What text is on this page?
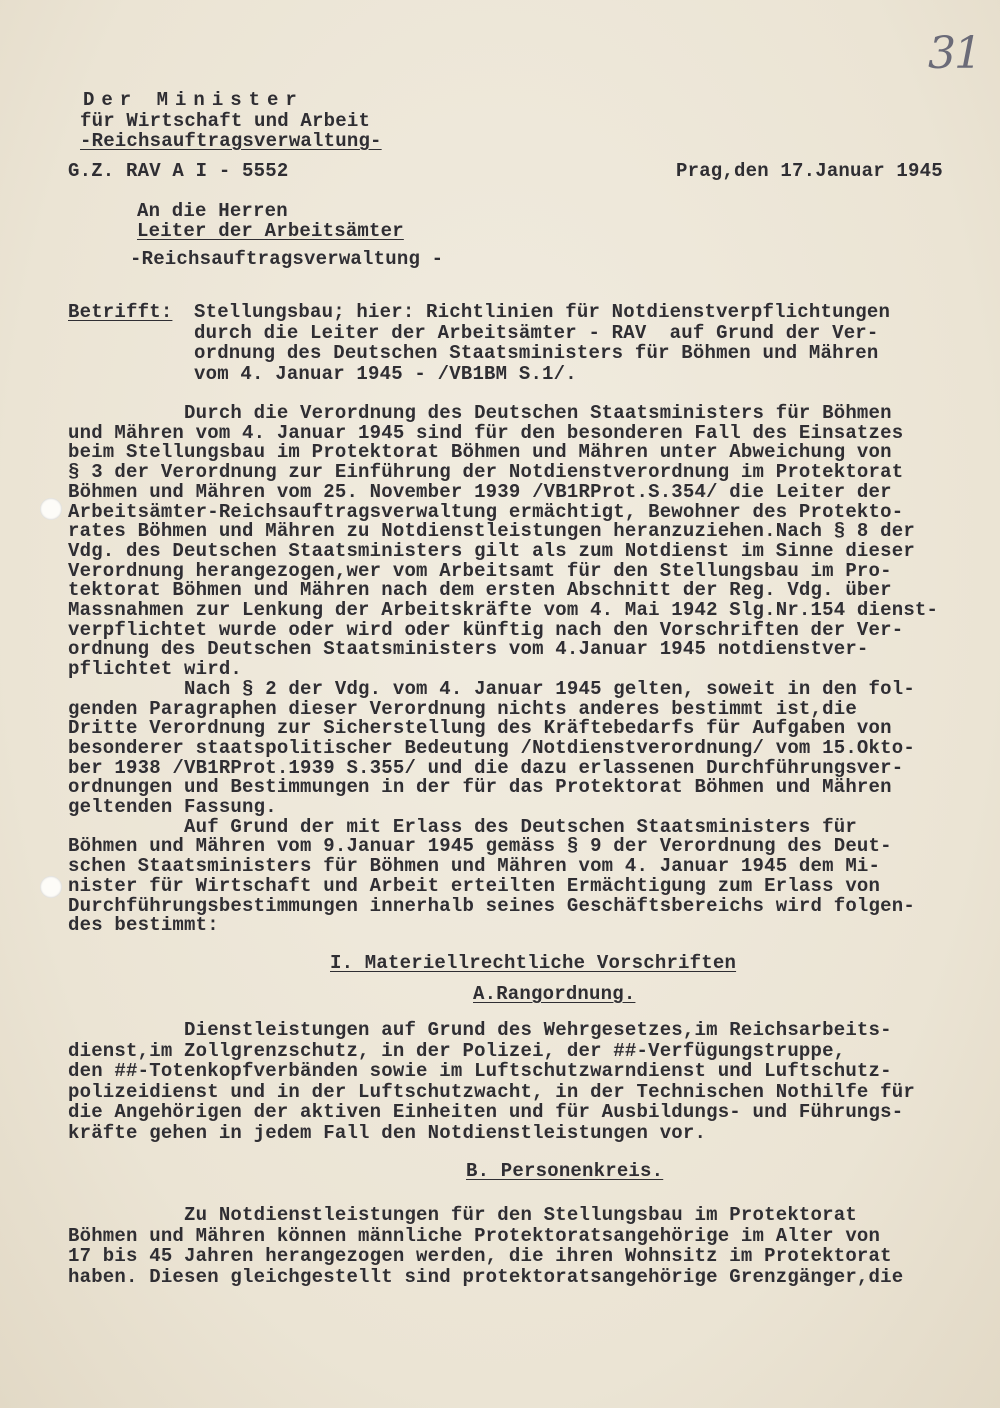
31
Der Minister
für Wirtschaft und Arbeit
-Reichsauftragsverwaltung-
G.Z. RAV A I - 5552	Prag,den 17.Januar 1945
An die Herren
Leiter der Arbeitsämter
-Reichsauftragsverwaltung -
Betrifft: Stellungsbau; hier: Richtlinien für Notdienstverpflichtungen
durch die Leiter der Arbeitsämter - RAV  auf Grund der Ver-
ordnung des Deutschen Staatsministers für Böhmen und Mähren
vom 4. Januar 1945 - /VB1BM S.1/.
Durch die Verordnung des Deutschen Staatsministers für Böhmen
und Mähren vom 4. Januar 1945 sind für den besonderen Fall des Einsatzes
beim Stellungsbau im Protektorat Böhmen und Mähren unter Abweichung von
§ 3 der Verordnung zur Einführung der Notdienstverordnung im Protektorat
Böhmen und Mähren vom 25. November 1939 /VB1RProt.S.354/ die Leiter der
Arbeitsämter-Reichsauftragsverwaltung ermächtigt, Bewohner des Protekto-
rates Böhmen und Mähren zu Notdienstleistungen heranzuziehen.Nach § 8 der
Vdg. des Deutschen Staatsministers gilt als zum Notdienst im Sinne dieser
Verordnung herangezogen,wer vom Arbeitsamt für den Stellungsbau im Pro-
tektorat Böhmen und Mähren nach dem ersten Abschnitt der Reg. Vdg. über
Massnahmen zur Lenkung der Arbeitskräfte vom 4. Mai 1942 Slg.Nr.154 dienst-
verpflichtet wurde oder wird oder künftig nach den Vorschriften der Ver-
ordnung des Deutschen Staatsministers vom 4.Januar 1945 notdienstver-
pflichtet wird.
Nach § 2 der Vdg. vom 4. Januar 1945 gelten, soweit in den fol-
genden Paragraphen dieser Verordnung nichts anderes bestimmt ist,die
Dritte Verordnung zur Sicherstellung des Kräftebedarfs für Aufgaben von
besonderer staatspolitischer Bedeutung /Notdienstverordnung/ vom 15.Okto-
ber 1938 /VB1RProt.1939 S.355/ und die dazu erlassenen Durchführungsver-
ordnungen und Bestimmungen in der für das Protektorat Böhmen und Mähren
geltenden Fassung.
Auf Grund der mit Erlass des Deutschen Staatsministers für
Böhmen und Mähren vom 9.Januar 1945 gemäss § 9 der Verordnung des Deut-
schen Staatsministers für Böhmen und Mähren vom 4. Januar 1945 dem Mi-
nister für Wirtschaft und Arbeit erteilten Ermächtigung zum Erlass von
Durchführungsbestimmungen innerhalb seines Geschäftsbereichs wird folgen-
des bestimmt:
I. Materiellrechtliche Vorschriften
A.Rangordnung.
Dienstleistungen auf Grund des Wehrgesetzes,im Reichsarbeits-
dienst,im Zollgrenzschutz, in der Polizei, der ##-Verfügungstruppe,
den ##-Totenkopfverbänden sowie im Luftschutzwarndienst und Luftschutz-
polizeidienst und in der Luftschutzwacht, in der Technischen Nothilfe für
die Angehörigen der aktiven Einheiten und für Ausbildungs- und Führungs-
kräfte gehen in jedem Fall den Notdienstleistungen vor.
B. Personenkreis.
Zu Notdienstleistungen für den Stellungsbau im Protektorat
Böhmen und Mähren können männliche Protektoratsangehörige im Alter von
17 bis 45 Jahren herangezogen werden, die ihren Wohnsitz im Protektorat
haben. Diesen gleichgestellt sind protektoratsangehörige Grenzgänger,die
